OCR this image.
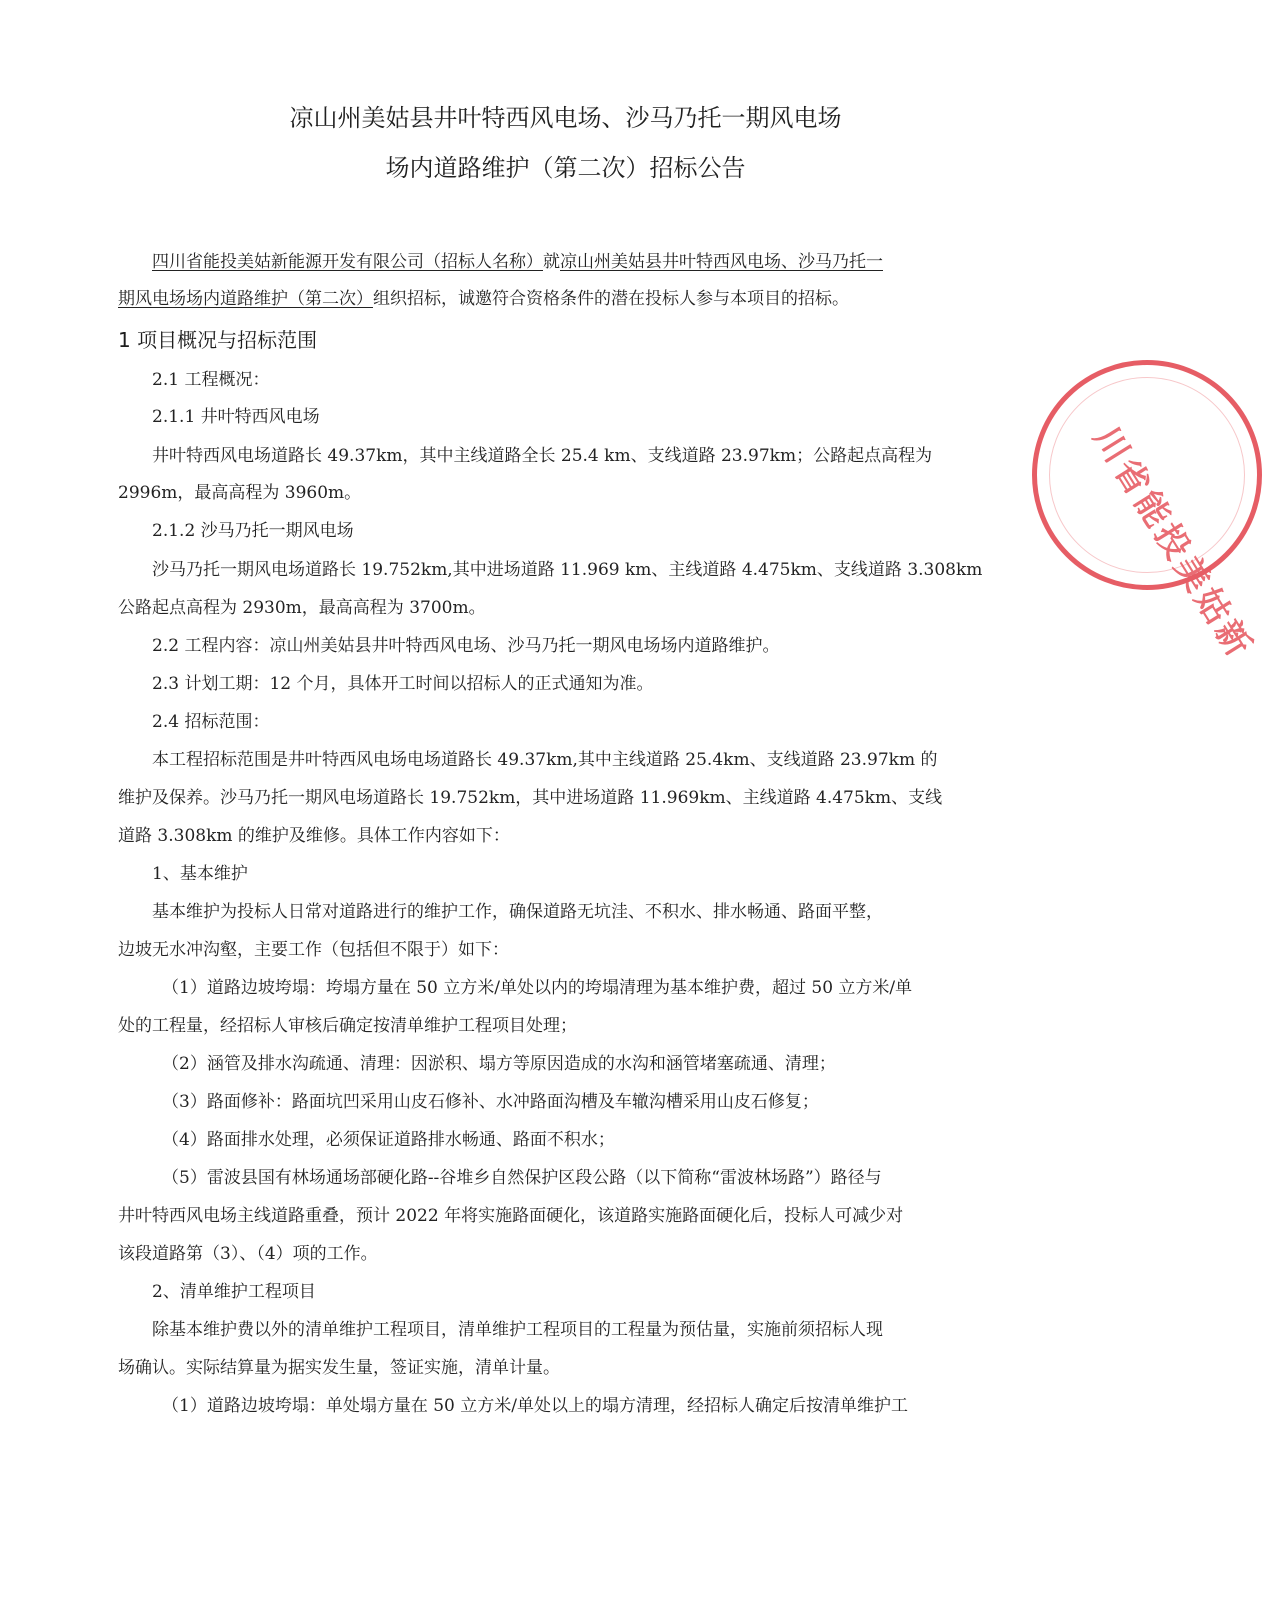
凉山州美姑县井叶特西风电场、沙马乃托一期风电场
场内道路维护（第二次）招标公告
四川省能投美姑新能源开发有限公司（招标人名称）就凉山州美姑县井叶特西风电场、沙马乃托一
期风电场场内道路维护（第二次）组织招标，诚邀符合资格条件的潜在投标人参与本项目的招标。
1 项目概况与招标范围
2.1 工程概况：
2.1.1 井叶特西风电场
井叶特西风电场道路长 49.37km，其中主线道路全长 25.4 km、支线道路 23.97km；公路起点高程为
2996m，最高高程为 3960m。
2.1.2 沙马乃托一期风电场
沙马乃托一期风电场道路长 19.752km,其中进场道路 11.969 km、主线道路 4.475km、支线道路 3.308km
公路起点高程为 2930m，最高高程为 3700m。
2.2 工程内容：凉山州美姑县井叶特西风电场、沙马乃托一期风电场场内道路维护。
2.3 计划工期：12 个月，具体开工时间以招标人的正式通知为准。
2.4 招标范围：
本工程招标范围是井叶特西风电场电场道路长 49.37km,其中主线道路 25.4km、支线道路 23.97km 的
维护及保养。沙马乃托一期风电场道路长 19.752km，其中进场道路 11.969km、主线道路 4.475km、支线
道路 3.308km 的维护及维修。具体工作内容如下：
1、基本维护
基本维护为投标人日常对道路进行的维护工作，确保道路无坑洼、不积水、排水畅通、路面平整，
边坡无水冲沟壑，主要工作（包括但不限于）如下：
（1）道路边坡垮塌：垮塌方量在 50 立方米/单处以内的垮塌清理为基本维护费，超过 50 立方米/单
处的工程量，经招标人审核后确定按清单维护工程项目处理；
（2）涵管及排水沟疏通、清理：因淤积、塌方等原因造成的水沟和涵管堵塞疏通、清理；
（3）路面修补：路面坑凹采用山皮石修补、水冲路面沟槽及车辙沟槽采用山皮石修复；
（4）路面排水处理，必须保证道路排水畅通、路面不积水；
（5）雷波县国有林场通场部硬化路--谷堆乡自然保护区段公路（以下简称“雷波林场路”）路径与
井叶特西风电场主线道路重叠，预计 2022 年将实施路面硬化，该道路实施路面硬化后，投标人可减少对
该段道路第（3）、（4）项的工作。
2、清单维护工程项目
除基本维护费以外的清单维护工程项目，清单维护工程项目的工程量为预估量，实施前须招标人现
场确认。实际结算量为据实发生量，签证实施，清单计量。
（1）道路边坡垮塌：单处塌方量在 50 立方米/单处以上的塌方清理，经招标人确定后按清单维护工
川省能投美姑新
